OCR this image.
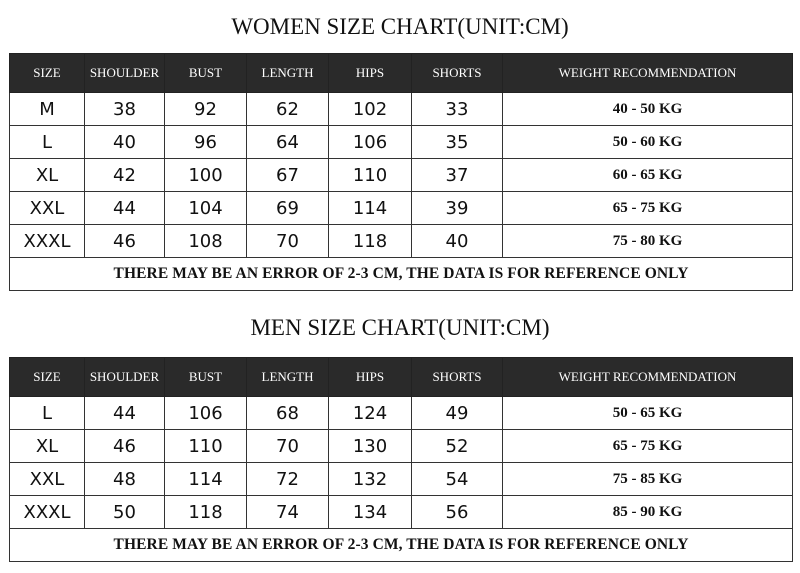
WOMEN SIZE CHART(UNIT:CM)
SIZE	SHOULDER	BUST	LENGTH	HIPS	SHORTS	WEIGHT RECOMMENDATION
M	38	92	62	102	33	40 - 50 KG
L	40	96	64	106	35	50 - 60 KG
XL	42	100	67	110	37	60 - 65 KG
XXL	44	104	69	114	39	65 - 75 KG
XXXL	46	108	70	118	40	75 - 80 KG
THERE MAY BE AN ERROR OF 2-3 CM, THE DATA IS FOR REFERENCE ONLY						
MEN SIZE CHART(UNIT:CM)
SIZE	SHOULDER	BUST	LENGTH	HIPS	SHORTS	WEIGHT RECOMMENDATION
L	44	106	68	124	49	50 - 65 KG
XL	46	110	70	130	52	65 - 75 KG
XXL	48	114	72	132	54	75 - 85 KG
XXXL	50	118	74	134	56	85 - 90 KG
THERE MAY BE AN ERROR OF 2-3 CM, THE DATA IS FOR REFERENCE ONLY						
